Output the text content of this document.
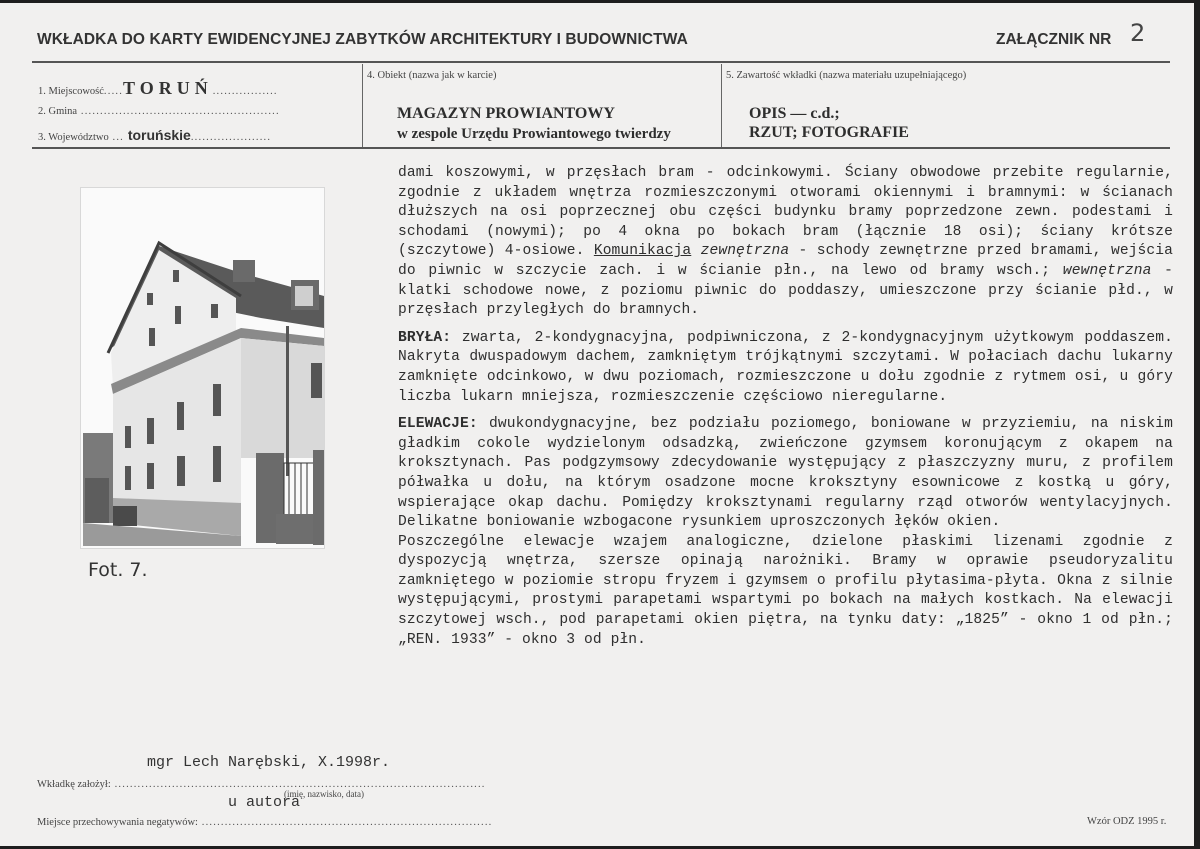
WKŁADKA DO KARTY EWIDENCYJNEJ ZABYTKÓW ARCHITEKTURY I BUDOWNICTWA	ZAŁĄCZNIK NR 2
1. Miejscowość.....TORUŃ.................
2. Gmina ....................................................
3. Województwo ... toruńskie.....................
4. Obiekt (nazwa jak w karcie)
MAGAZYN PROWIANTOWY
w zespole Urzędu Prowiantowego twierdzy
5. Zawartość wkładki (nazwa materiału uzupełniającego)
OPIS — c.d.;
RZUT; FOTOGRAFIE
Fot. 7.

dami koszowymi, w przęsłach bram - odcinkowymi. Ściany obwodowe przebite regularnie, zgodnie z układem wnętrza rozmieszczonymi otworami okiennymi i bramnymi: w ścianach dłuższych na osi poprzecznej obu części budynku bramy poprzedzone zewn. podestami i schodami (nowymi); po 4 okna po bokach bram (łącznie 18 osi); ściany krótsze (szczytowe) 4-osiowe. Komunikacja zewnętrzna - schody zewnętrzne przed bramami, wejścia do piwnic w szczycie zach. i w ścianie płn., na lewo od bramy wsch.; wewnętrzna - klatki schodowe nowe, z poziomu piwnic do poddaszy, umieszczone przy ścianie płd., w przęsłach przyległych do bramnych.

BRYŁA: zwarta, 2-kondygnacyjna, podpiwniczona, z 2-kondygnacyjnym użytkowym poddaszem. Nakryta dwuspadowym dachem, zamkniętym trójkątnymi szczytami. W połaciach dachu lukarny zamknięte odcinkowo, w dwu poziomach, rozmieszczone u dołu zgodnie z rytmem osi, u góry liczba lukarn mniejsza, rozmieszczenie częściowo nieregularne.

ELEWACJE: dwukondygnacyjne, bez podziału poziomego, boniowane w przyziemiu, na niskim gładkim cokole wydzielonym odsadzką, zwieńczone gzymsem koronującym z okapem na kroksztynach. Pas podgzymsowy zdecydowanie występujący z płaszczyzny muru, z profilem półwałka u dołu, na którym osadzone mocne kroksztyny esownicowe z kostką u góry, wspierające okap dachu. Pomiędzy kroksztynami regularny rząd otworów wentylacyjnych. Delikatne boniowanie wzbogacone rysunkiem uproszczonych łęków okien.

Poszczególne elewacje wzajem analogiczne, dzielone płaskimi lizenami zgodnie z dyspozycją wnętrza, szersze opinają narożniki. Bramy w oprawie pseudoryzalitu zamkniętego w poziomie stropu fryzem i gzymsem o profilu płytasima-płyta. Okna z silnie występującymi, prostymi parapetami wspartymi po bokach na małych kostkach. Na elewacji szczytowej wsch., pod parapetami okien piętra, na tynku daty: „1825” - okno 1 od płn.; „REN. 1933” - okno 3 od płn.

mgr Lech Narębski, X.1998r.
Wkładkę założył: .................................................................................................
u autora
(imię, nazwisko, data)
Miejsce przechowywania negatywów: ............................................................................	Wzór ODZ 1995 r.
